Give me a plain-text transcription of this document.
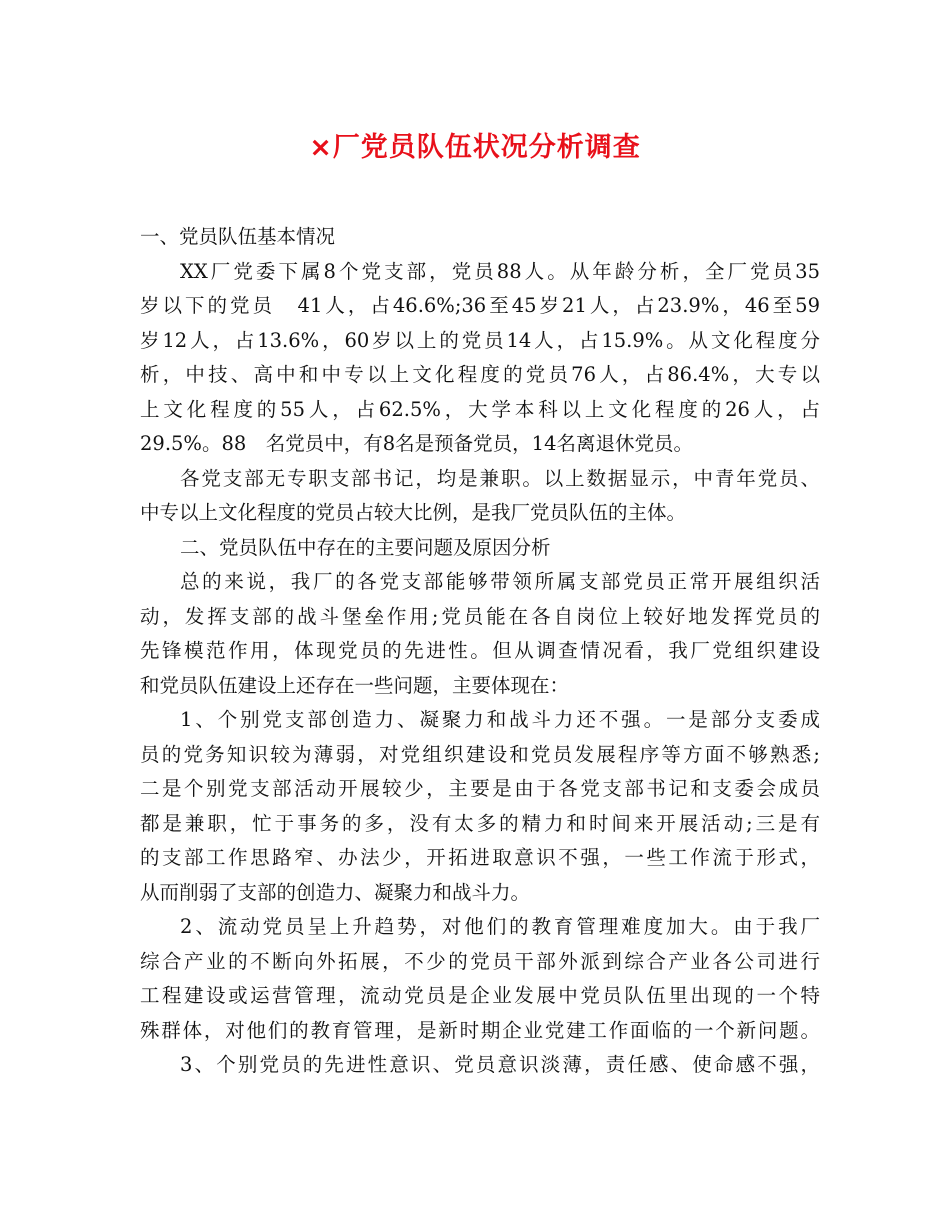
×厂党员队伍状况分析调查
一、党员队伍基本情况
XX厂党委下属8个党支部，党员88人。从年龄分析，全厂党员35
岁以下的党员　41人，占46.6%;36至45岁21人，占23.9%，46至59
岁12人，占13.6%，60岁以上的党员14人，占15.9%。从文化程度分
析，中技、高中和中专以上文化程度的党员76人，占86.4%，大专以
上文化程度的55人，占62.5%，大学本科以上文化程度的26人，占
29.5%。88　名党员中，有8名是预备党员，14名离退休党员。
各党支部无专职支部书记，均是兼职。以上数据显示，中青年党员、
中专以上文化程度的党员占较大比例，是我厂党员队伍的主体。
二、党员队伍中存在的主要问题及原因分析
总的来说，我厂的各党支部能够带领所属支部党员正常开展组织活
动，发挥支部的战斗堡垒作用;党员能在各自岗位上较好地发挥党员的
先锋模范作用，体现党员的先进性。但从调查情况看，我厂党组织建设
和党员队伍建设上还存在一些问题，主要体现在：
1、个别党支部创造力、凝聚力和战斗力还不强。一是部分支委成
员的党务知识较为薄弱，对党组织建设和党员发展程序等方面不够熟悉;
二是个别党支部活动开展较少，主要是由于各党支部书记和支委会成员
都是兼职，忙于事务的多，没有太多的精力和时间来开展活动;三是有
的支部工作思路窄、办法少，开拓进取意识不强，一些工作流于形式，
从而削弱了支部的创造力、凝聚力和战斗力。
2、流动党员呈上升趋势，对他们的教育管理难度加大。由于我厂
综合产业的不断向外拓展，不少的党员干部外派到综合产业各公司进行
工程建设或运营管理，流动党员是企业发展中党员队伍里出现的一个特
殊群体，对他们的教育管理，是新时期企业党建工作面临的一个新问题。
3、个别党员的先进性意识、党员意识淡薄，责任感、使命感不强，
